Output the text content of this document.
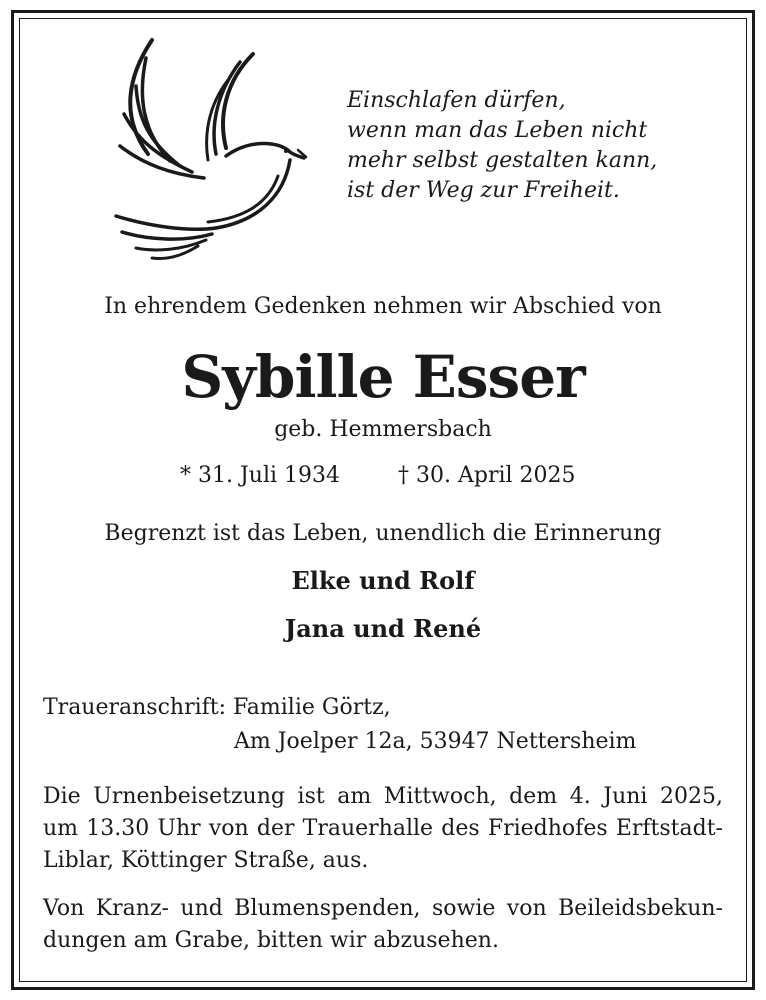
Einschlafen dürfen,
wenn man das Leben nicht
mehr selbst gestalten kann,
ist der Weg zur Freiheit.
In ehrendem Gedenken nehmen wir Abschied von
Sybille Esser
geb. Hemmersbach
* 31. Juli 1934	† 30. April 2025
Begrenzt ist das Leben, unendlich die Erinnerung
Elke und Rolf
Jana und René
Traueranschrift: Familie Görtz,
Am Joelper 12a, 53947 Nettersheim
Die Urnenbeisetzung ist am Mittwoch, dem 4. Juni 2025,
um 13.30 Uhr von der Trauerhalle des Friedhofes Erftstadt-
Liblar, Köttinger Straße, aus.
Von Kranz- und Blumenspenden, sowie von Beileidsbekun-
dungen am Grabe, bitten wir abzusehen.
